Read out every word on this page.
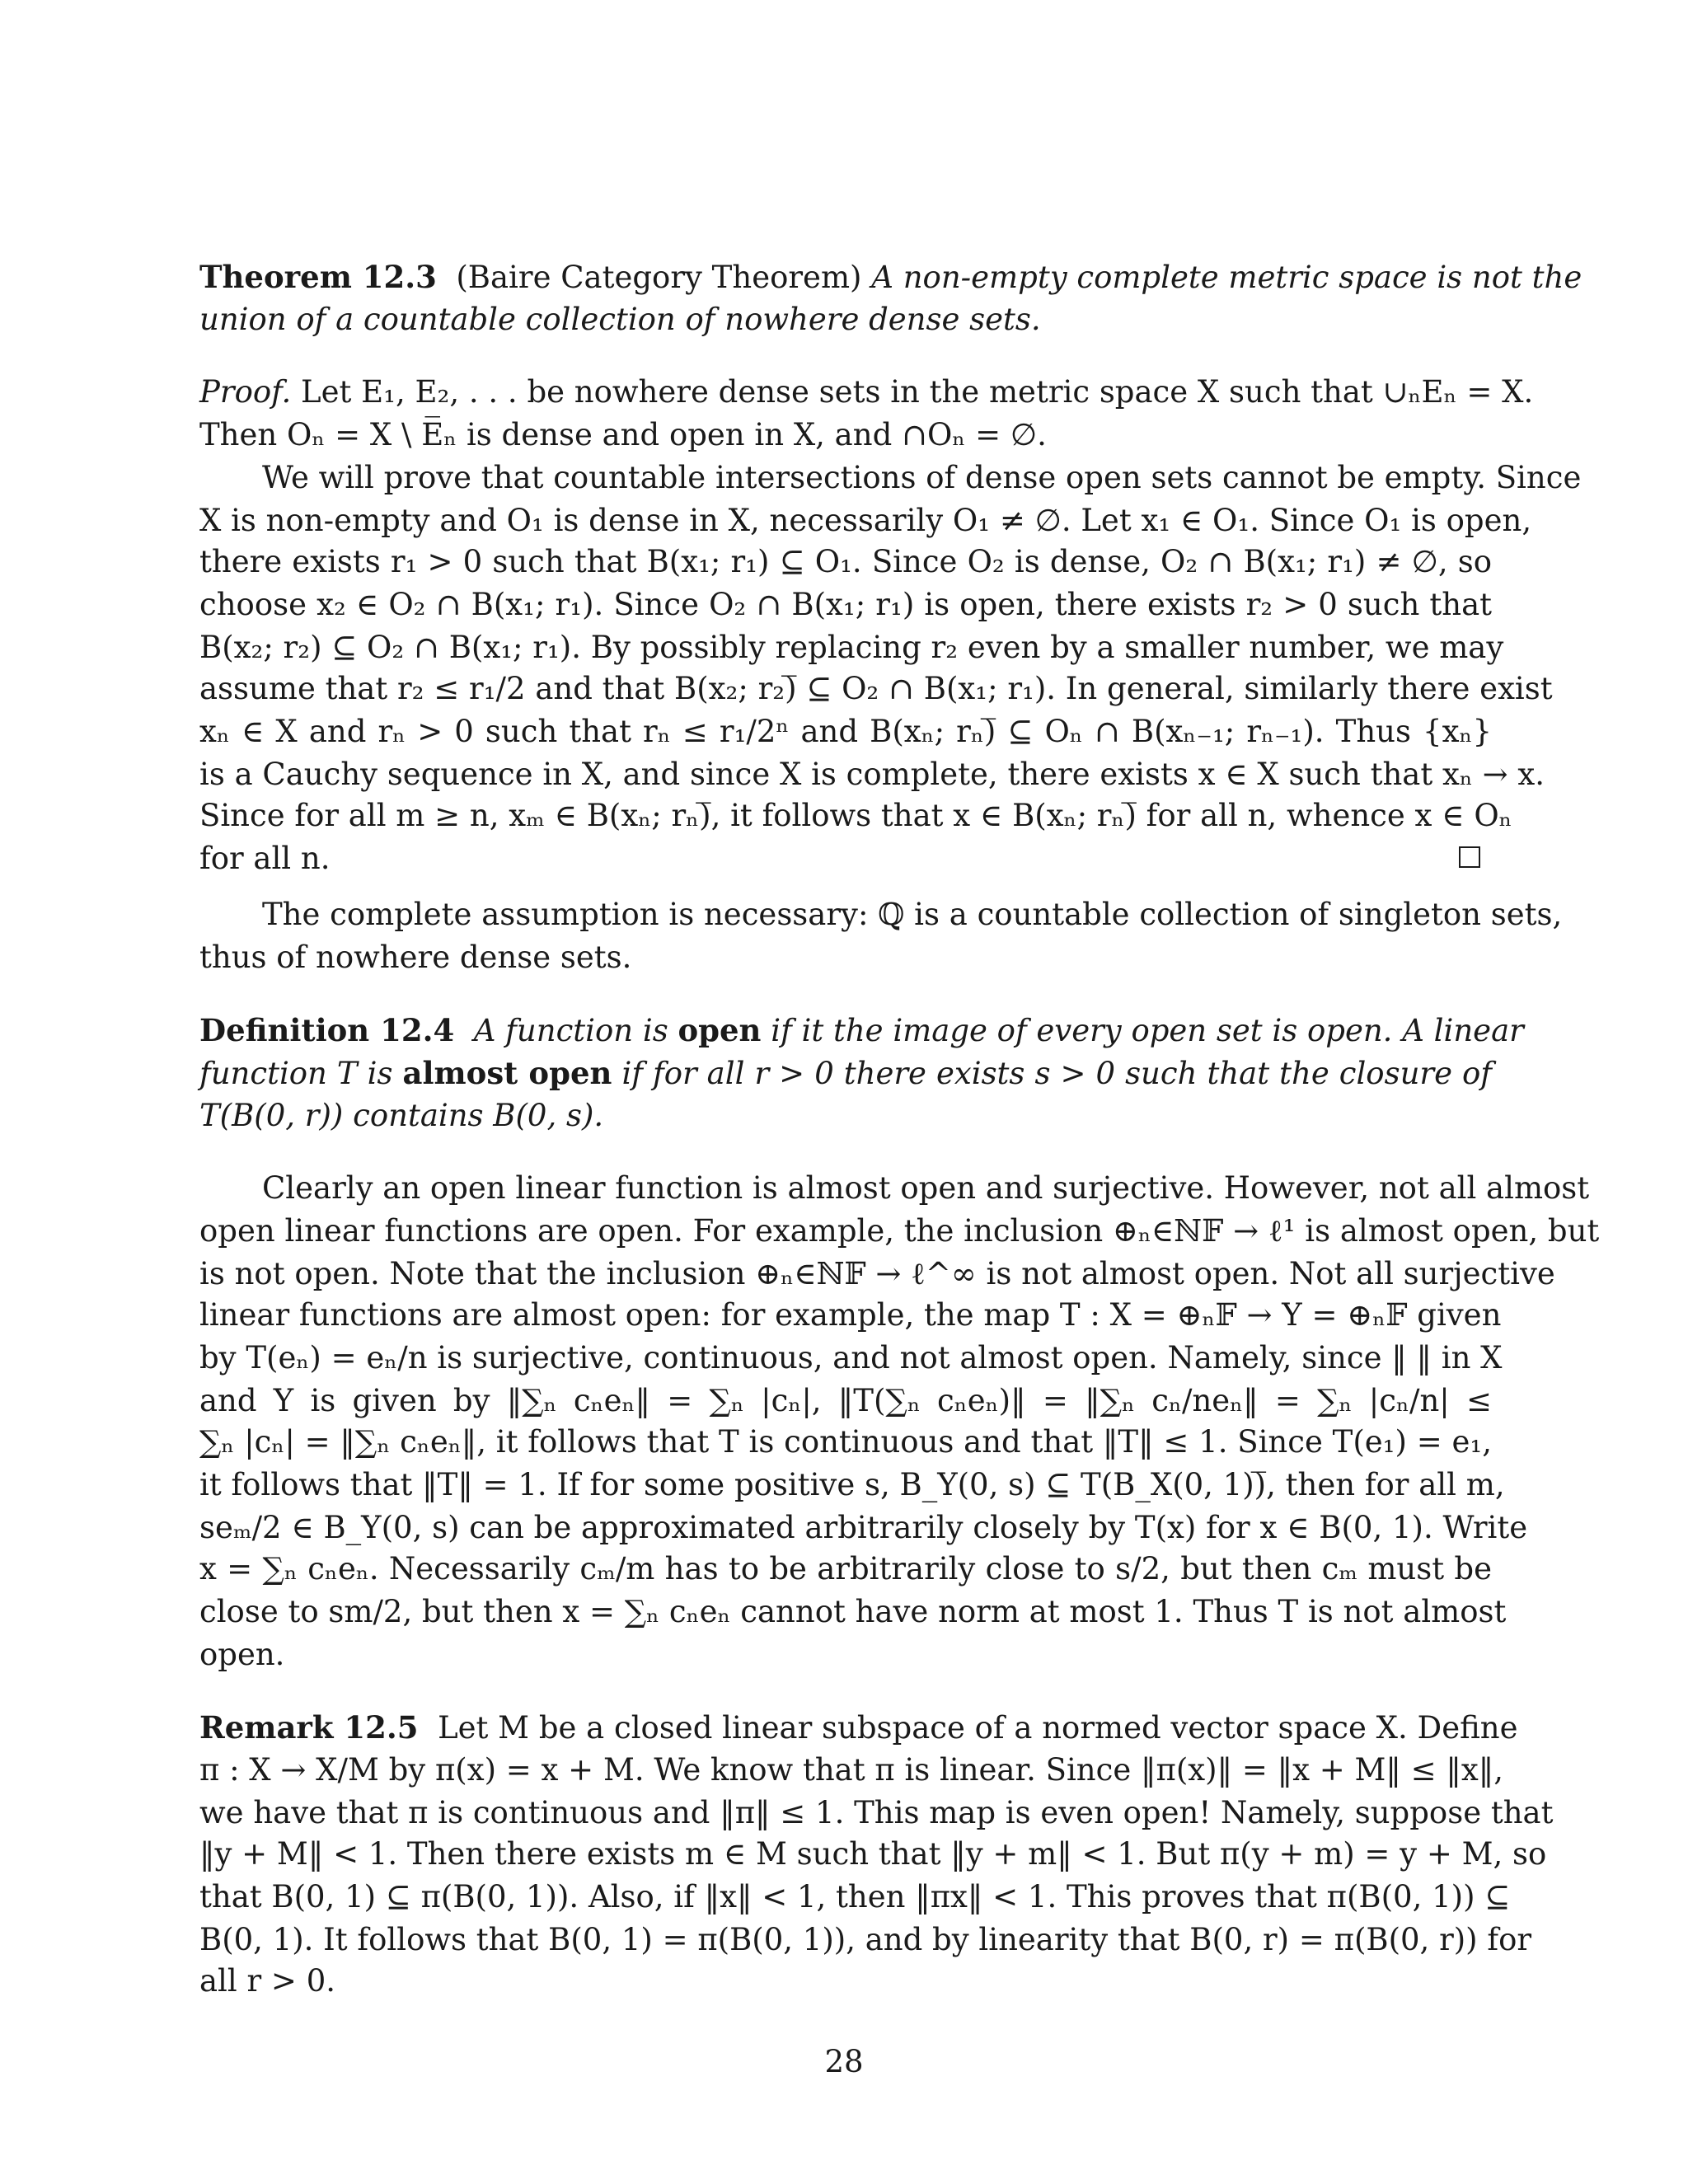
Theorem 12.3 (Baire Category Theorem) A non-empty complete metric space is not the
union of a countable collection of nowhere dense sets.
Proof. Let E₁, E₂, . . . be nowhere dense sets in the metric space X such that ∪ₙEₙ = X.
Then Oₙ = X \ E̅ₙ is dense and open in X, and ∩Oₙ = ∅.
We will prove that countable intersections of dense open sets cannot be empty. Since
X is non-empty and O₁ is dense in X, necessarily O₁ ≠ ∅. Let x₁ ∈ O₁. Since O₁ is open,
there exists r₁ > 0 such that B(x₁; r₁) ⊆ O₁. Since O₂ is dense, O₂ ∩ B(x₁; r₁) ≠ ∅, so
choose x₂ ∈ O₂ ∩ B(x₁; r₁). Since O₂ ∩ B(x₁; r₁) is open, there exists r₂ > 0 such that
B(x₂; r₂) ⊆ O₂ ∩ B(x₁; r₁). By possibly replacing r₂ even by a smaller number, we may
assume that r₂ ≤ r₁/2 and that B(x₂; r₂)̅ ⊆ O₂ ∩ B(x₁; r₁). In general, similarly there exist
xₙ ∈ X and rₙ > 0 such that rₙ ≤ r₁/2ⁿ and B(xₙ; rₙ)̅ ⊆ Oₙ ∩ B(xₙ₋₁; rₙ₋₁). Thus {xₙ}
is a Cauchy sequence in X, and since X is complete, there exists x ∈ X such that xₙ → x.
Since for all m ≥ n, xₘ ∈ B(xₙ; rₙ)̅, it follows that x ∈ B(xₙ; rₙ)̅ for all n, whence x ∈ Oₙ
for all n.
The complete assumption is necessary: ℚ is a countable collection of singleton sets,
thus of nowhere dense sets.
Definition 12.4 A function is open if it the image of every open set is open. A linear
function T is almost open if for all r > 0 there exists s > 0 such that the closure of
T(B(0, r)) contains B(0, s).
Clearly an open linear function is almost open and surjective. However, not all almost
open linear functions are open. For example, the inclusion ⊕ₙ∈ℕ𝔽 → ℓ¹ is almost open, but
is not open. Note that the inclusion ⊕ₙ∈ℕ𝔽 → ℓ^∞ is not almost open. Not all surjective
linear functions are almost open: for example, the map T : X = ⊕ₙ𝔽 → Y = ⊕ₙ𝔽 given
by T(eₙ) = eₙ/n is surjective, continuous, and not almost open. Namely, since ‖ ‖ in X
and Y is given by ‖∑ₙ cₙeₙ‖ = ∑ₙ |cₙ|, ‖T(∑ₙ cₙeₙ)‖ = ‖∑ₙ cₙ/neₙ‖ = ∑ₙ |cₙ/n| ≤
∑ₙ |cₙ| = ‖∑ₙ cₙeₙ‖, it follows that T is continuous and that ‖T‖ ≤ 1. Since T(e₁) = e₁,
it follows that ‖T‖ = 1. If for some positive s, B_Y(0, s) ⊆ T(B_X(0, 1))̅, then for all m,
seₘ/2 ∈ B_Y(0, s) can be approximated arbitrarily closely by T(x) for x ∈ B(0, 1). Write
x = ∑ₙ cₙeₙ. Necessarily cₘ/m has to be arbitrarily close to s/2, but then cₘ must be
close to sm/2, but then x = ∑ₙ cₙeₙ cannot have norm at most 1. Thus T is not almost
open.
Remark 12.5 Let M be a closed linear subspace of a normed vector space X. Define
π : X → X/M by π(x) = x + M. We know that π is linear. Since ‖π(x)‖ = ‖x + M‖ ≤ ‖x‖,
we have that π is continuous and ‖π‖ ≤ 1. This map is even open! Namely, suppose that
‖y + M‖ < 1. Then there exists m ∈ M such that ‖y + m‖ < 1. But π(y + m) = y + M, so
that B(0, 1) ⊆ π(B(0, 1)). Also, if ‖x‖ < 1, then ‖πx‖ < 1. This proves that π(B(0, 1)) ⊆
B(0, 1). It follows that B(0, 1) = π(B(0, 1)), and by linearity that B(0, r) = π(B(0, r)) for
all r > 0.
28
